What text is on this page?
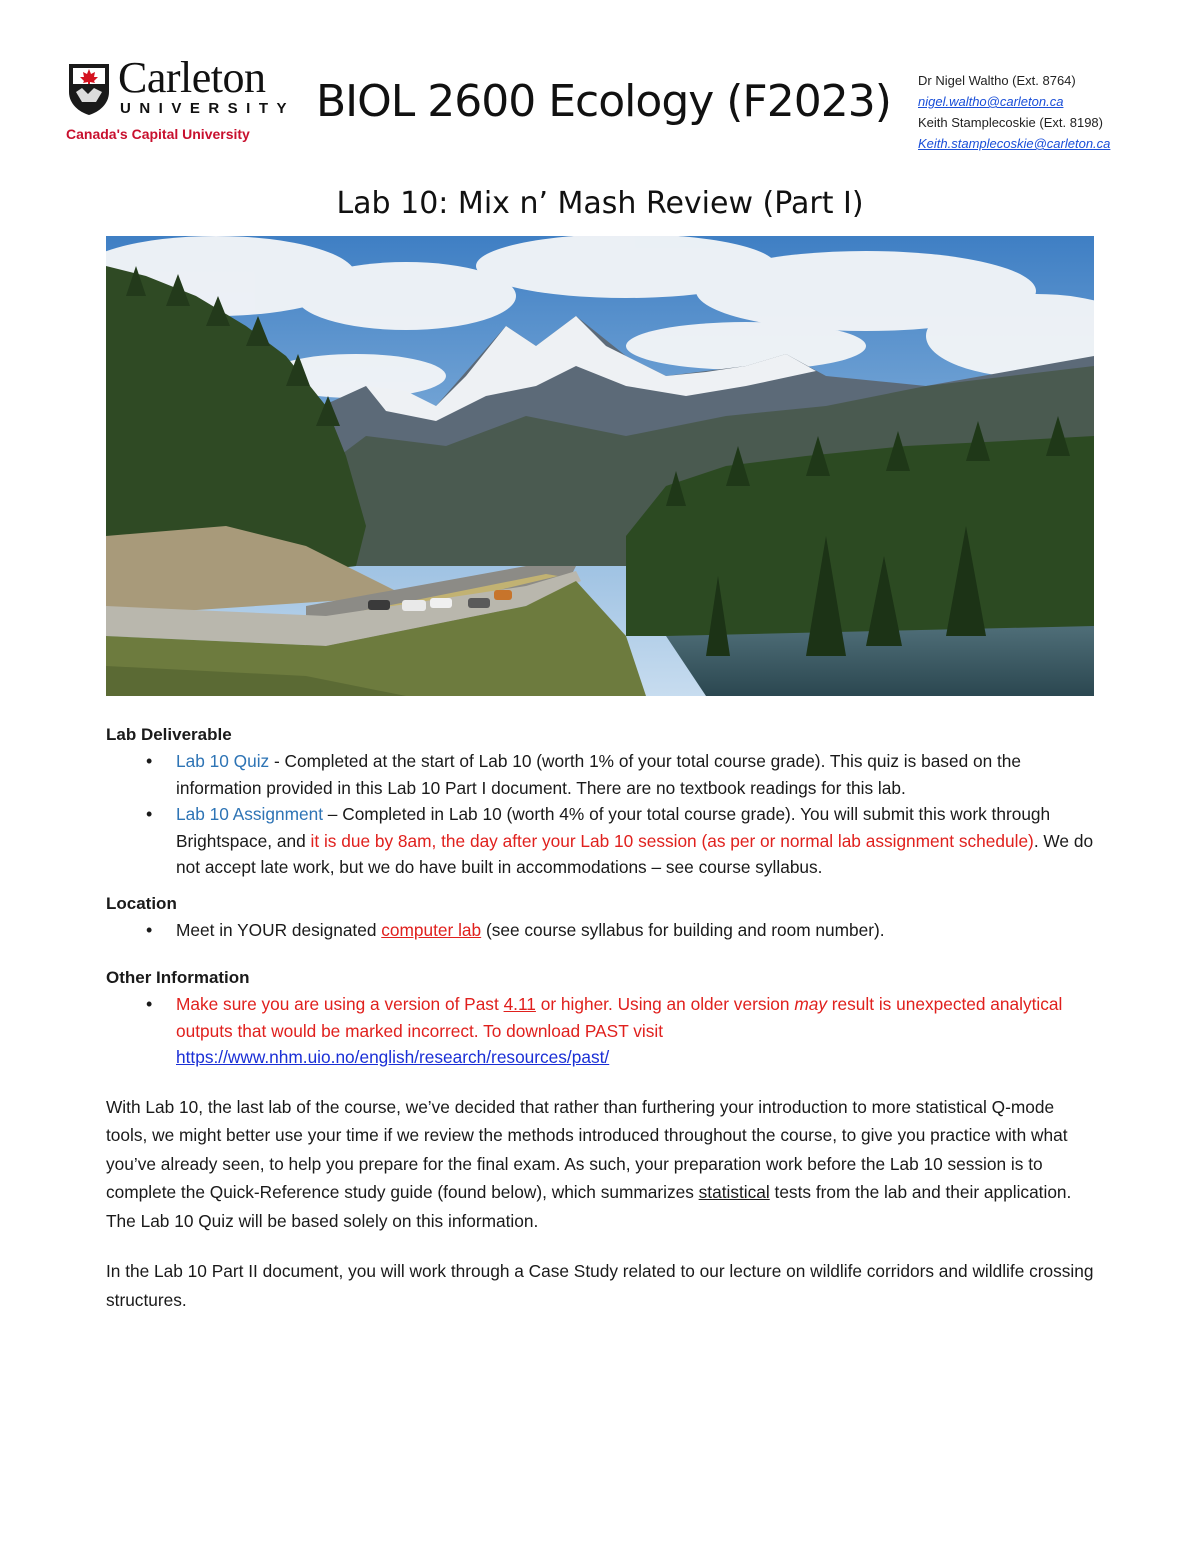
Carleton
UNIVERSITY
Canada's Capital University
BIOL 2600 Ecology (F2023) Dr Nigel Waltho (Ext. 8764)
nigel.waltho@carleton.ca
Keith Stamplecoskie (Ext. 8198)
Keith.stamplecoskie@carleton.ca
Lab 10: Mix n’ Mash Review (Part I)
Lab Deliverable
• Lab 10 Quiz - Completed at the start of Lab 10 (worth 1% of your total course grade). This quiz is based on the information provided in this Lab 10 Part I document. There are no textbook readings for this lab.
• Lab 10 Assignment – Completed in Lab 10 (worth 4% of your total course grade). You will submit this work through Brightspace, and it is due by 8am, the day after your Lab 10 session (as per or normal lab assignment schedule). We do not accept late work, but we do have built in accommodations – see course syllabus.
Location
• Meet in YOUR designated computer lab (see course syllabus for building and room number).
Other Information
• Make sure you are using a version of Past 4.11 or higher. Using an older version may result is unexpected analytical outputs that would be marked incorrect. To download PAST visit
https://www.nhm.uio.no/english/research/resources/past/
With Lab 10, the last lab of the course, we’ve decided that rather than furthering your introduction to more statistical Q-mode tools, we might better use your time if we review the methods introduced throughout the course, to give you practice with what you’ve already seen, to help you prepare for the final exam. As such, your preparation work before the Lab 10 session is to complete the Quick-Reference study guide (found below), which summarizes statistical tests from the lab and their application. The Lab 10 Quiz will be based solely on this information.
In the Lab 10 Part II document, you will work through a Case Study related to our lecture on wildlife corridors and wildlife crossing structures.
